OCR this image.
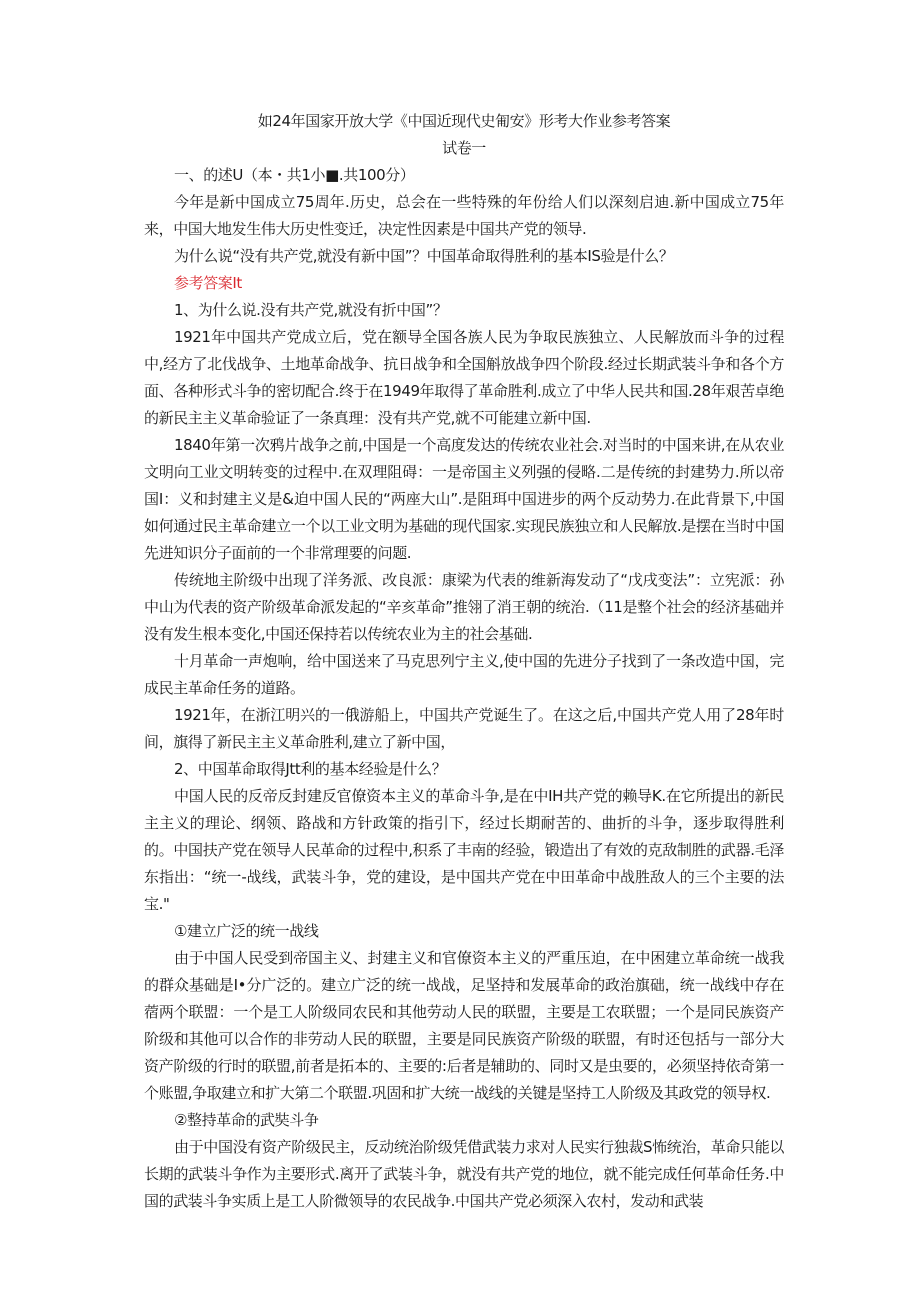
如24年国家开放大学《中国近现代史匍安》形考大作业参考答案
试卷一

一、的述U（本・共1小■.共100分）

今年是新中国成立75周年.历史，总会在一些特殊的年份给人们以深刻启迪.新中国成立75年来，中国大地发生伟大历史性变迁，决定性因素是中国共产党的领导.

为什么说“没有共产党,就没有新中国”？中国革命取得胜利的基本IS验是什么？

参考答案It

1、为什么说.没有共产党,就没有折中国”？

1921年中国共产党成立后，党在额导全国各族人民为争取民族独立、人民解放而斗争的过程中,经方了北伐战争、土地革命战争、抗日战争和全国斛放战争四个阶段.经过长期武装斗争和各个方面、各种形式斗争的密切配合.终于在1949年取得了革命胜利.成立了中华人民共和国.28年艰苦卓绝的新民主主义革命验证了一条真理：没有共产党,就不可能建立新中国.

1840年第一次鸦片战争之前,中国是一个高度发达的传统农业社会.对当时的中国来讲,在从农业文明向工业文明转变的过程中.在双理阻碍：一是帝国主义列强的侵略.二是传统的封建势力.所以帝国I：义和封建主义是&迫中国人民的“两座大山”.是阻珥中国进步的两个反动势力.在此背景下,中国如何通过民主革命建立一个以工业文明为基础的现代国家.实现民族独立和人民解放.是摆在当时中国先进知识分子面前的一个非常理要的问题.

传统地主阶级中出现了洋务派、改良派：康梁为代表的维新海发动了“戊戌变法”：立宪派：孙中山为代表的资产阶级革命派发起的“辛亥革命”推翎了消王朝的统治.（11是整个社会的经济基础并没有发生根本变化,中国还保持若以传统农业为主的社会基础.

十月革命一声炮响，给中国送来了马克思列宁主义,使中国的先进分子找到了一条改造中国，完成民主革命任务的道路。

1921年，在浙江明兴的一俄游船上，中国共产党诞生了。在这之后,中国共产党人用了28年时间，旗得了新民主主义革命胜利,建立了新中国，

2、中国革命取得Jtt利的基本经验是什么？

中国人民的反帝反封建反官僚资本主义的革命斗争,是在中IH共产党的赖导K.在它所提出的新民主主义的理论、纲领、路战和方针政策的指引下，经过长期耐苦的、曲折的斗争，逐步取得胜利的。中国扶产党在领导人民革命的过程中,积系了丰南的经验，锻造出了有效的克敌制胜的武器.毛泽东指出：“统一-战线，武装斗争，党的建设，是中国共产党在中田革命中战胜敌人的三个主要的法宝."

①建立广泛的统一战线

由于中国人民受到帝国主义、封建主义和官僚资本主义的严重压迫，在中困建立革命统一战我的群众基础是I•分广泛的。建立广泛的统一战战，足坚持和发展革命的政治旗础，统一战线中存在蓿两个联盟：一个是工人阶级同农民和其他劳动人民的联盟，主要是工农联盟；一个是同民族资产阶级和其他可以合作的非劳动人民的联盟，主要是同民族资产阶级的联盟，有时还包括与一部分大资产阶级的行时的联盟,前者是拓本的、主要的:后者是辅助的、同时又是虫要的，必须坚持依奇第一个账盟,争取建立和扩大第二个联盟.巩固和扩大统一战线的关键是坚持工人阶级及其政党的领导权.

②整持革命的武奘斗争

由于中国没有资产阶级民主，反动统治阶级凭借武装力求对人民实行独裁S怖统治，革命只能以长期的武装斗争作为主要形式.离开了武装斗争，就没有共产党的地位，就不能完成任何革命任务.中国的武装斗争实质上是工人阶微领导的农民战争.中国共产党必须深入农村，发动和武装
